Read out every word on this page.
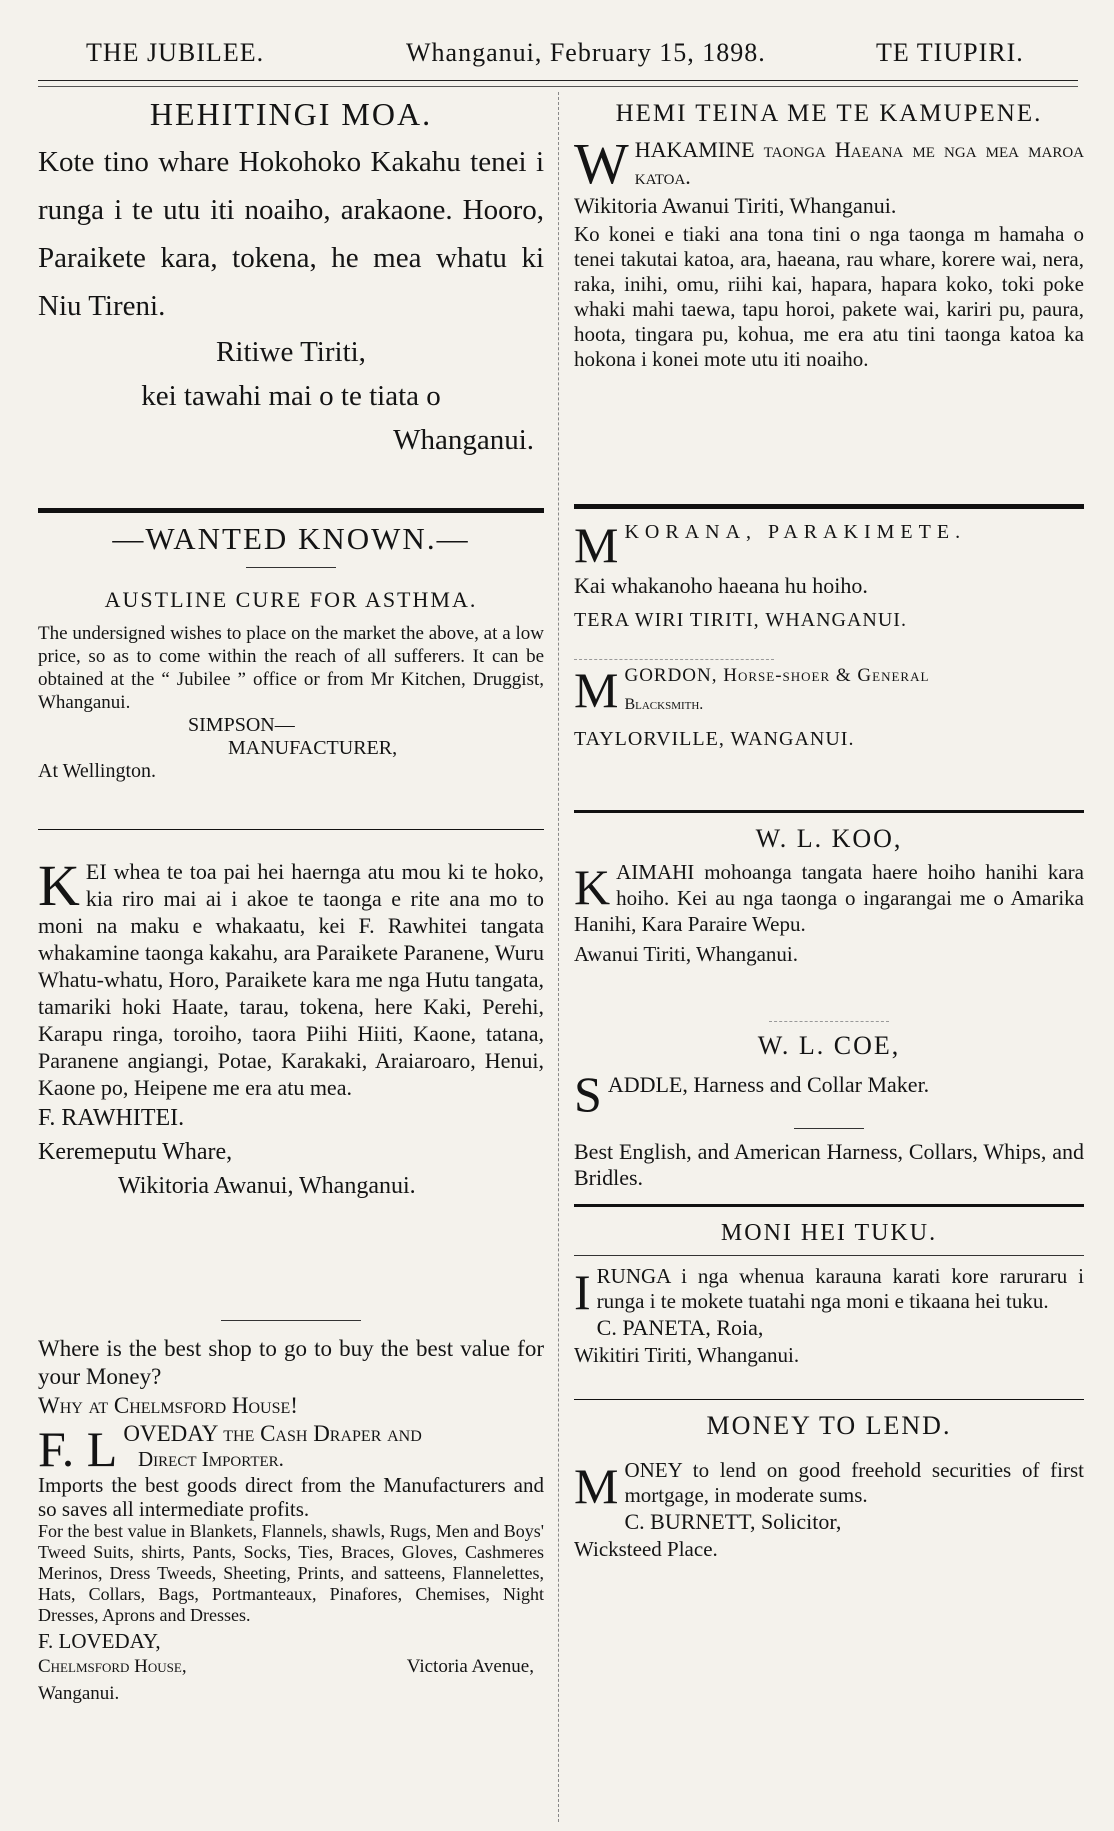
THE JUBILEE.	Whanganui, February 15, 1898.	TE TIUPIRI.
HEHITINGI MOA.

Kote tino whare Hokohoko Kakahu tenei i runga i te utu iti noaiho, arakaone. Hooro, Paraikete kara, tokena, he mea whatu ki Niu Tireni.

Ritiwe Tiriti,

kei tawahi mai o te tiata o

Whanganui.

—WANTED KNOWN.—
AUSTLINE CURE FOR ASTHMA.

The undersigned wishes to place on the market the above, at a low price, so as to come within the reach of all sufferers. It can be obtained at the “ Jubilee ” office or from Mr Kitchen, Druggist, Whanganui.

SIMPSON—

MANUFACTURER,

At Wellington.

K EI whea te toa pai hei haernga atu mou ki te hoko, kia riro mai ai i akoe te taonga e rite ana mo to moni na maku e whakaatu, kei F. Rawhitei tangata whakamine taonga kakahu, ara Paraikete Paranene, Wuru Whatu-whatu, Horo, Paraikete kara me nga Hutu tangata, tamariki hoki Haate, tarau, tokena, here Kaki, Perehi, Karapu ringa, toroiho, taora Piihi Hiiti, Kaone, tatana, Paranene angiangi, Potae, Karakaki, Araiaroaro, Henui, Kaone po, Heipene me era atu mea.

F. RAWHITEI.

Keremeputu Whare,

Wikitoria Awanui, Whanganui.

Where is the best shop to go to buy the best value for your Money?

Why at Chelmsford House!

F. L OVEDAY the Cash Draper and

Direct Importer.

Imports the best goods direct from the Manufacturers and so saves all intermediate profits.

For the best value in Blankets, Flannels, shawls, Rugs, Men and Boys' Tweed Suits, shirts, Pants, Socks, Ties, Braces, Gloves, Cashmeres Merinos, Dress Tweeds, Sheeting, Prints, and satteens, Flannelettes, Hats, Collars, Bags, Portmanteaux, Pinafores, Chemises, Night Dresses, Aprons and Dresses.

F. LOVEDAY,

Chelmsford House,	Victoria Avenue,

Wanganui.

HEMI TEINA ME TE KAMUPENE.
W HAKAMINE taonga Haeana me nga mea maroa katoa.

Wikitoria Awanui Tiriti, Whanganui.

Ko konei e tiaki ana tona tini o nga taonga m hamaha o tenei takutai katoa, ara, haeana, rau whare, korere wai, nera, raka, inihi, omu, riihi kai, hapara, hapara koko, toki poke whaki mahi taewa, tapu horoi, pakete wai, kariri pu, paura, hoota, tingara pu, kohua, me era atu tini taonga katoa ka hokona i konei mote utu iti noaiho.

M KORANA, PARAKIMETE.

Kai whakanoho haeana hu hoiho.

TERA WIRI TIRITI, WHANGANUI.

M GORDON, Horse-shoer & General

Blacksmith.

TAYLORVILLE, WANGANUI.

W. L. KOO,
K AIMAHI mohoanga tangata haere hoiho hanihi kara hoiho. Kei au nga taonga o ingarangai me o Amarika Hanihi, Kara Paraire Wepu.

Awanui Tiriti, Whanganui.

W. L. COE,
S ADDLE, Harness and Collar Maker.

Best English, and American Harness, Collars, Whips, and Bridles.

MONI HEI TUKU.
I RUNGA i nga whenua karauna karati kore raruraru i runga i te mokete tuatahi nga moni e tikaana hei tuku.

C. PANETA, Roia,

Wikitiri Tiriti, Whanganui.

MONEY TO LEND.
M ONEY to lend on good freehold securities of first mortgage, in moderate sums.

C. BURNETT, Solicitor,

Wicksteed Place.
